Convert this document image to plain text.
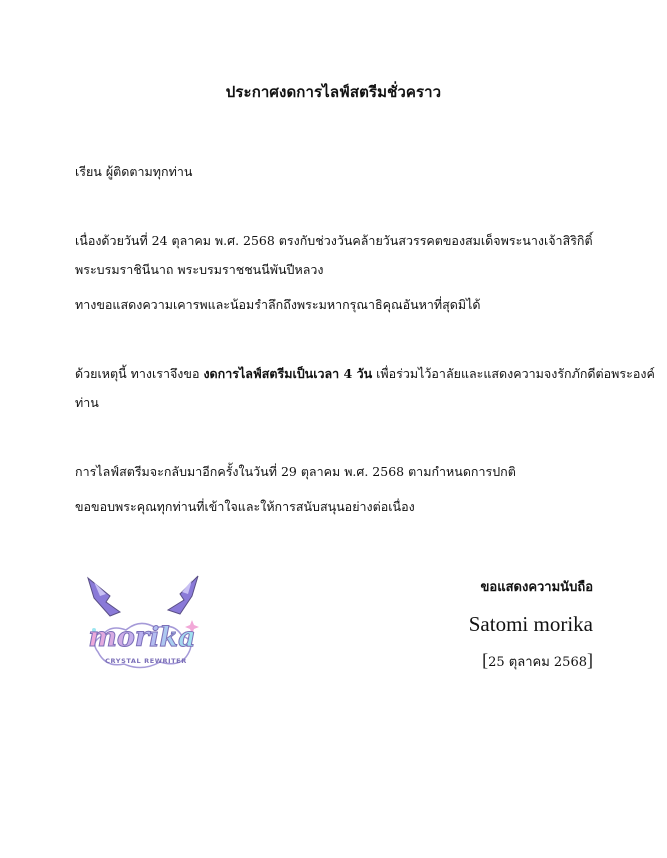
ประกาศงดการไลฟ์สตรีมชั่วคราว
เรียน ผู้ติดตามทุกท่าน
เนื่องด้วยวันที่ 24 ตุลาคม พ.ศ. 2568 ตรงกับช่วงวันคล้ายวันสวรรคตของสมเด็จพระนางเจ้าสิริกิติ์
พระบรมราชินีนาถ พระบรมราชชนนีพันปีหลวง
ทางขอแสดงความเคารพและน้อมรำลึกถึงพระมหากรุณาธิคุณอันหาที่สุดมิได้
ด้วยเหตุนี้ ทางเราจึงขอ งดการไลฟ์สตรีมเป็นเวลา 4 วัน เพื่อร่วมไว้อาลัยและแสดงความจงรักภักดีต่อพระองค์
ท่าน
การไลฟ์สตรีมจะกลับมาอีกครั้งในวันที่ 29 ตุลาคม พ.ศ. 2568 ตามกำหนดการปกติ
ขอขอบพระคุณทุกท่านที่เข้าใจและให้การสนับสนุนอย่างต่อเนื่อง
morika
CRYSTAL REWRITER
ขอแสดงความนับถือ
Satomi morika
[25 ตุลาคม 2568]
